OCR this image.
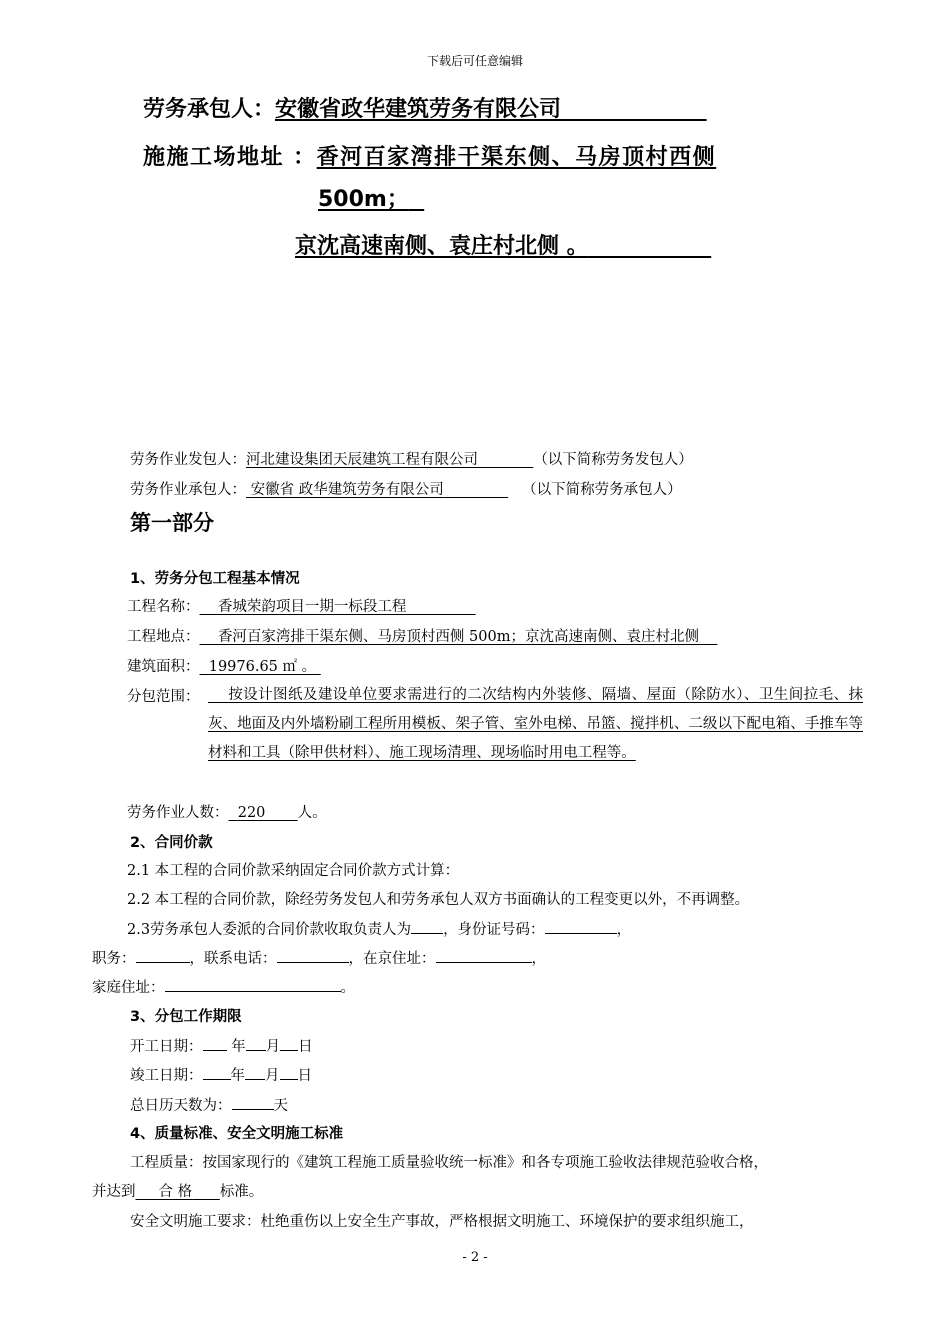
下载后可任意编辑
劳务承包人：安徽省政华建筑劳务有限公司
施施工场地址 ：香河百家湾排干渠东侧、马房顶村西侧
500m；
京沈高速南侧、袁庄村北侧 。
劳务作业发包人：河北建设集团天辰建筑工程有限公司	（以下简称劳务发包人）
劳务作业承包人： 安徽省 政华建筑劳务有限公司	（以下简称劳务承包人）
第一部分
1、劳务分包工程基本情况
工程名称： 香城荣韵项目一期一标段工程
工程地点： 香河百家湾排干渠东侧、马房顶村西侧 500m；京沈高速南侧、袁庄村北侧
建筑面积： 19976.65 ㎡ 。
分包范围：	按设计图纸及建设单位要求需进行的二次结构内外装修、隔墙、屋面（除防水）、卫生间拉毛、抹灰、地面及内外墙粉刷工程所用模板、架子管、室外电梯、吊篮、搅拌机、二级以下配电箱、手推车等材料和工具（除甲供材料）、施工现场清理、现场临时用电工程等。
劳务作业人数： 220 人。
2、合同价款
2.1 本工程的合同价款采纳固定合同价款方式计算：
2.2 本工程的合同价款，除经劳务发包人和劳务承包人双方书面确认的工程变更以外，不再调整。
2.3劳务承包人委派的合同价款收取负责人为 ，身份证号码：	，
职务：	，联系电话：	，在京住址：	，
家庭住址：	。
3、分包工作期限
开工日期： 年 月 日
竣工日期： 年 月 日
总日历天数为：	天
4、质量标准、安全文明施工标准
工程质量：按国家现行的《建筑工程施工质量验收统一标准》和各专项施工验收法律规范验收合格，
并达到 合 格 标准。
安全文明施工要求：杜绝重伤以上安全生产事故，严格根据文明施工、环境保护的要求组织施工，
- 2 -
